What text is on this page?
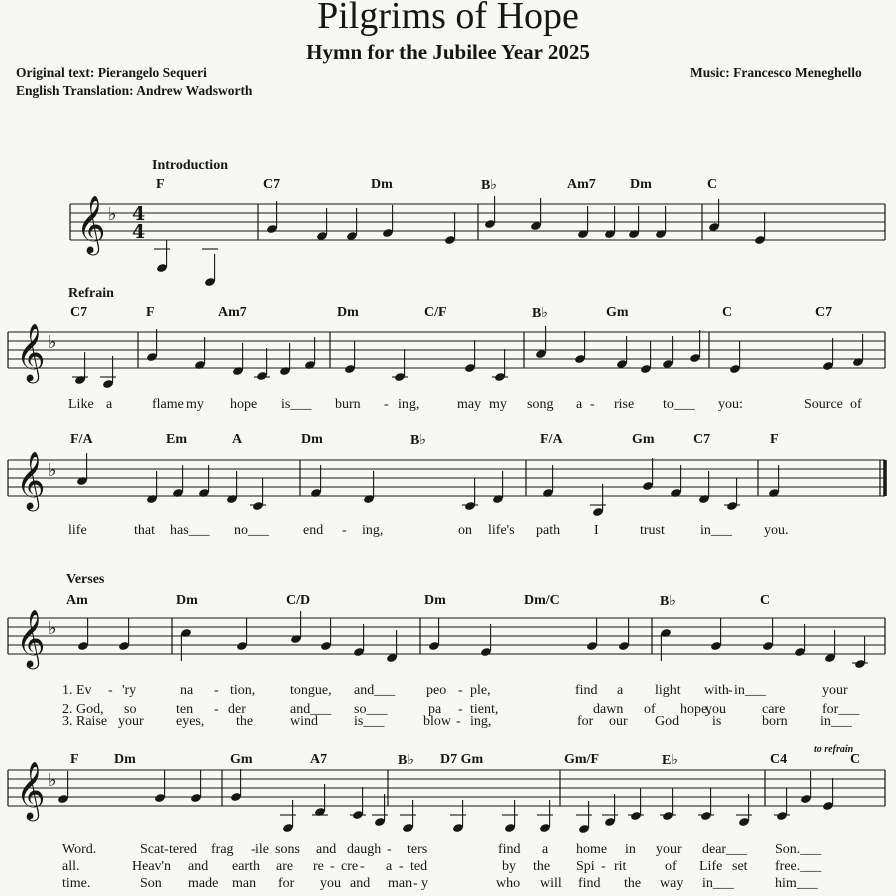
Pilgrims of Hope
Hymn for the Jubilee Year 2025
Original text: Pierangelo Sequeri
English Translation: Andrew Wadsworth
Music: Francesco Meneghello
Introduction
Refrain
Verses
to refrain
𝄞 ♭ 4
4
𝄞 ♭
𝄞 ♭
𝄞 ♭
𝄞 ♭
F	C7	Dm	B♭	Am7 Dm	C
C7	F	Am7	Dm	C/F	B♭	Gm	C	C7
F/A	Em	A	Dm	B♭	F/A	Gm	C7	F
Am	Dm	C/D	Dm	Dm/C	B♭	C
F	Dm	Gm	A7	B♭ D7 Gm	Gm/F	E♭	C4	C
Like a	flame my hope is___ burn - ing,	may my song a - rise to___ you:	Source of
life	that has___ no___ end - ing,	on life's path I	trust	in___ you.
1. Ev - 'ry	na - tion, tongue, and___ peo - ple,	find a light with - in___	your
2. God, so	ten - der	and___ so___	pa - tient,	dawn of hope,
you	care	for___
3. Raise your eyes, the	wind	is___	blow - ing,	for our God is	born in___
Word.	Scat - tered frag - ile sons and daugh - ters	find a home in your dear___ Son.___
all.	Heav'n and earth are re - cre - a - ted	by the Spi - rit	of Life set free.___
time.	Son made man for you and man - y	who will find the way in___	him___
